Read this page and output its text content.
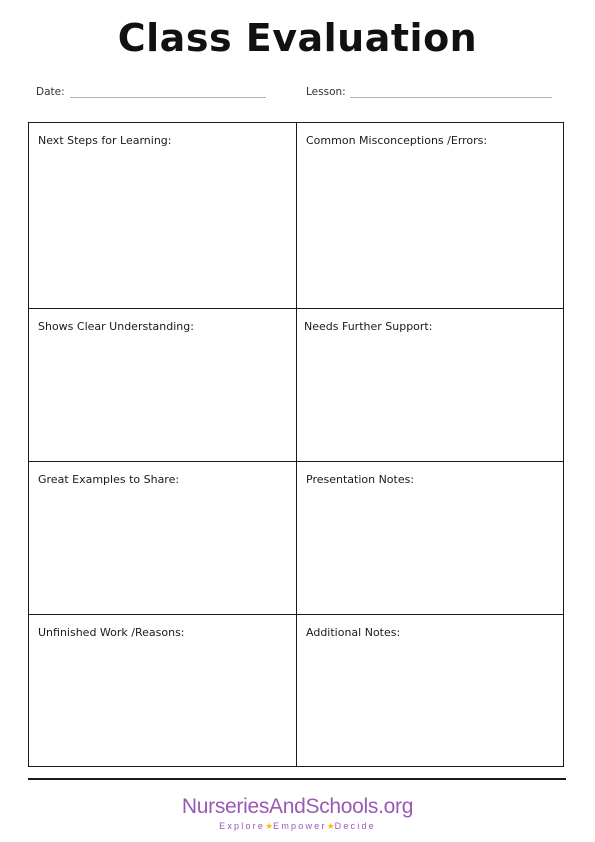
Class Evaluation
Date:	Lesson:
Next Steps for Learning:	Common Misconceptions /Errors:
Shows Clear Understanding:	Needs Further Support:
Great Examples to Share:	Presentation Notes:
Unfinished Work /Reasons:	Additional Notes:
NurseriesAndSchools.org
Explore★Empower★Decide
